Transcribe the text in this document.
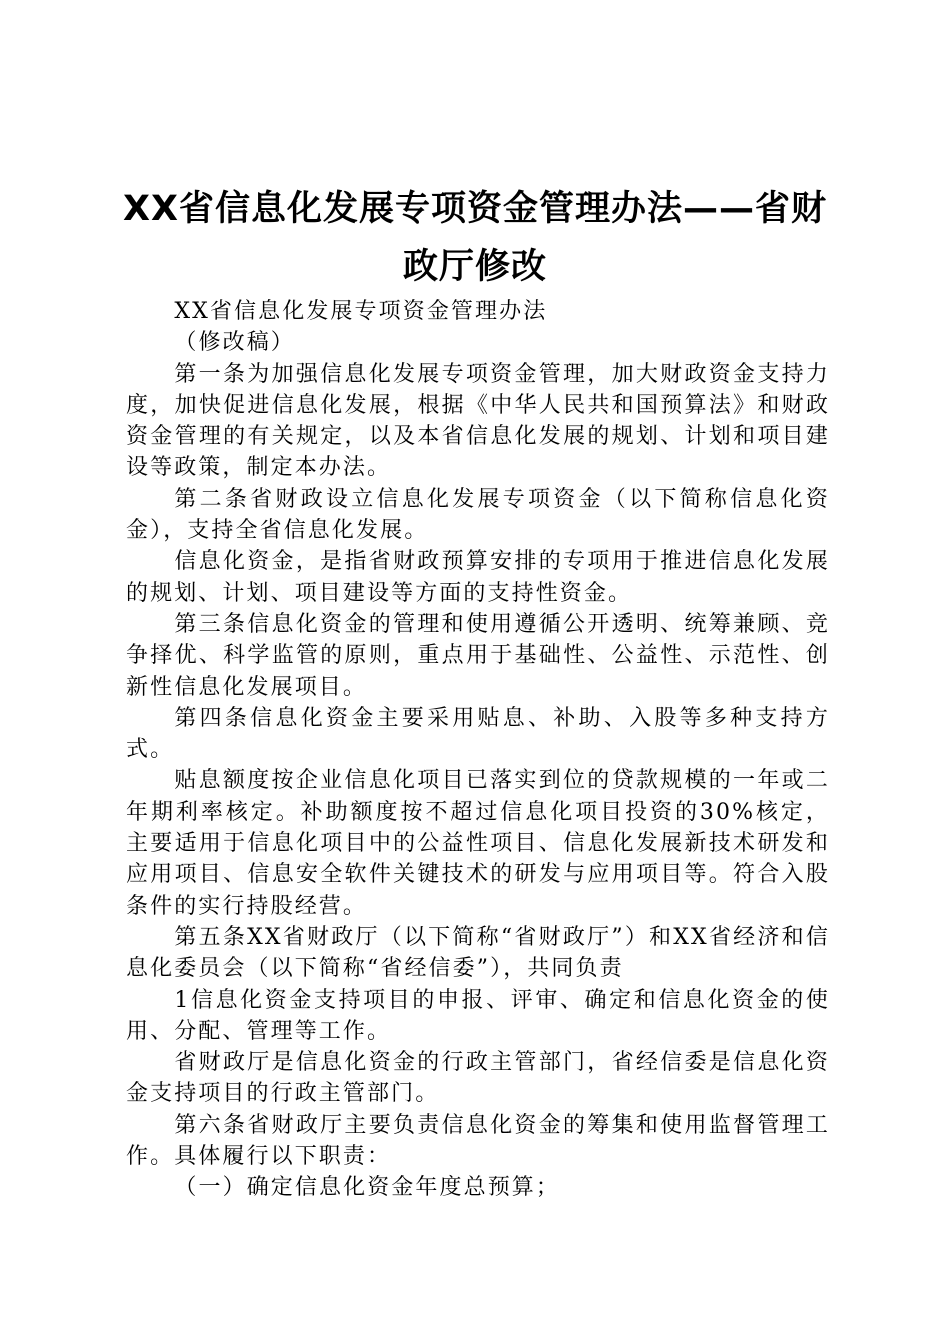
XX省信息化发展专项资金管理办法——省财
政厅修改

XX省信息化发展专项资金管理办法

（修改稿）

第一条为加强信息化发展专项资金管理，加大财政资金支持力度，加快促进信息化发展，根据《中华人民共和国预算法》和财政资金管理的有关规定，以及本省信息化发展的规划、计划和项目建设等政策，制定本办法。

第二条省财政设立信息化发展专项资金（以下简称信息化资金），支持全省信息化发展。

信息化资金，是指省财政预算安排的专项用于推进信息化发展的规划、计划、项目建设等方面的支持性资金。

第三条信息化资金的管理和使用遵循公开透明、统筹兼顾、竞争择优、科学监管的原则，重点用于基础性、公益性、示范性、创新性信息化发展项目。

第四条信息化资金主要采用贴息、补助、入股等多种支持方式。

贴息额度按企业信息化项目已落实到位的贷款规模的一年或二年期利率核定。补助额度按不超过信息化项目投资的30%核定，主要适用于信息化项目中的公益性项目、信息化发展新技术研发和应用项目、信息安全软件关键技术的研发与应用项目等。符合入股条件的实行持股经营。

第五条XX省财政厅（以下简称“省财政厅”）和XX省经济和信息化委员会（以下简称“省经信委”），共同负责

1信息化资金支持项目的申报、评审、确定和信息化资金的使用、分配、管理等工作。

省财政厅是信息化资金的行政主管部门，省经信委是信息化资金支持项目的行政主管部门。

第六条省财政厅主要负责信息化资金的筹集和使用监督管理工作。具体履行以下职责：

（一）确定信息化资金年度总预算；
